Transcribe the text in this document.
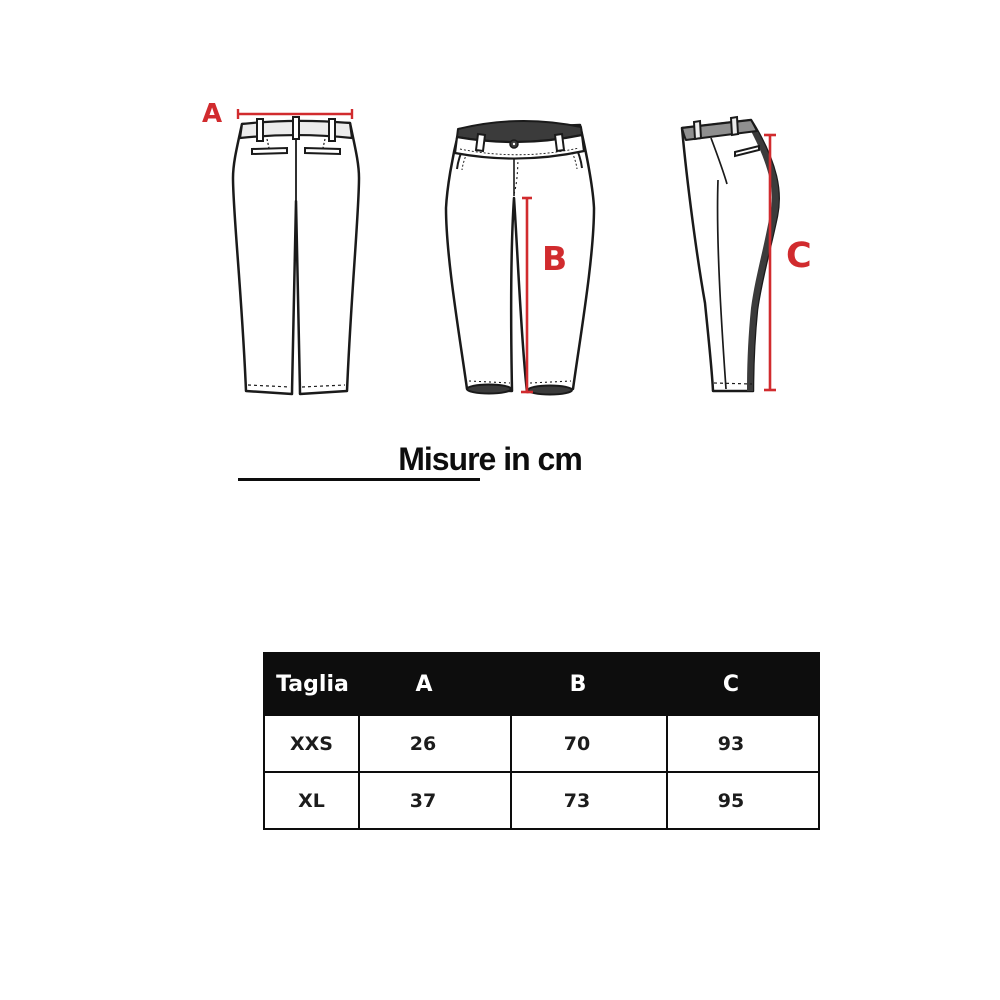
A
B	C
Misure in cm
Taglia	A	B	C
XXS	26	70	93
XL	37	73	95
